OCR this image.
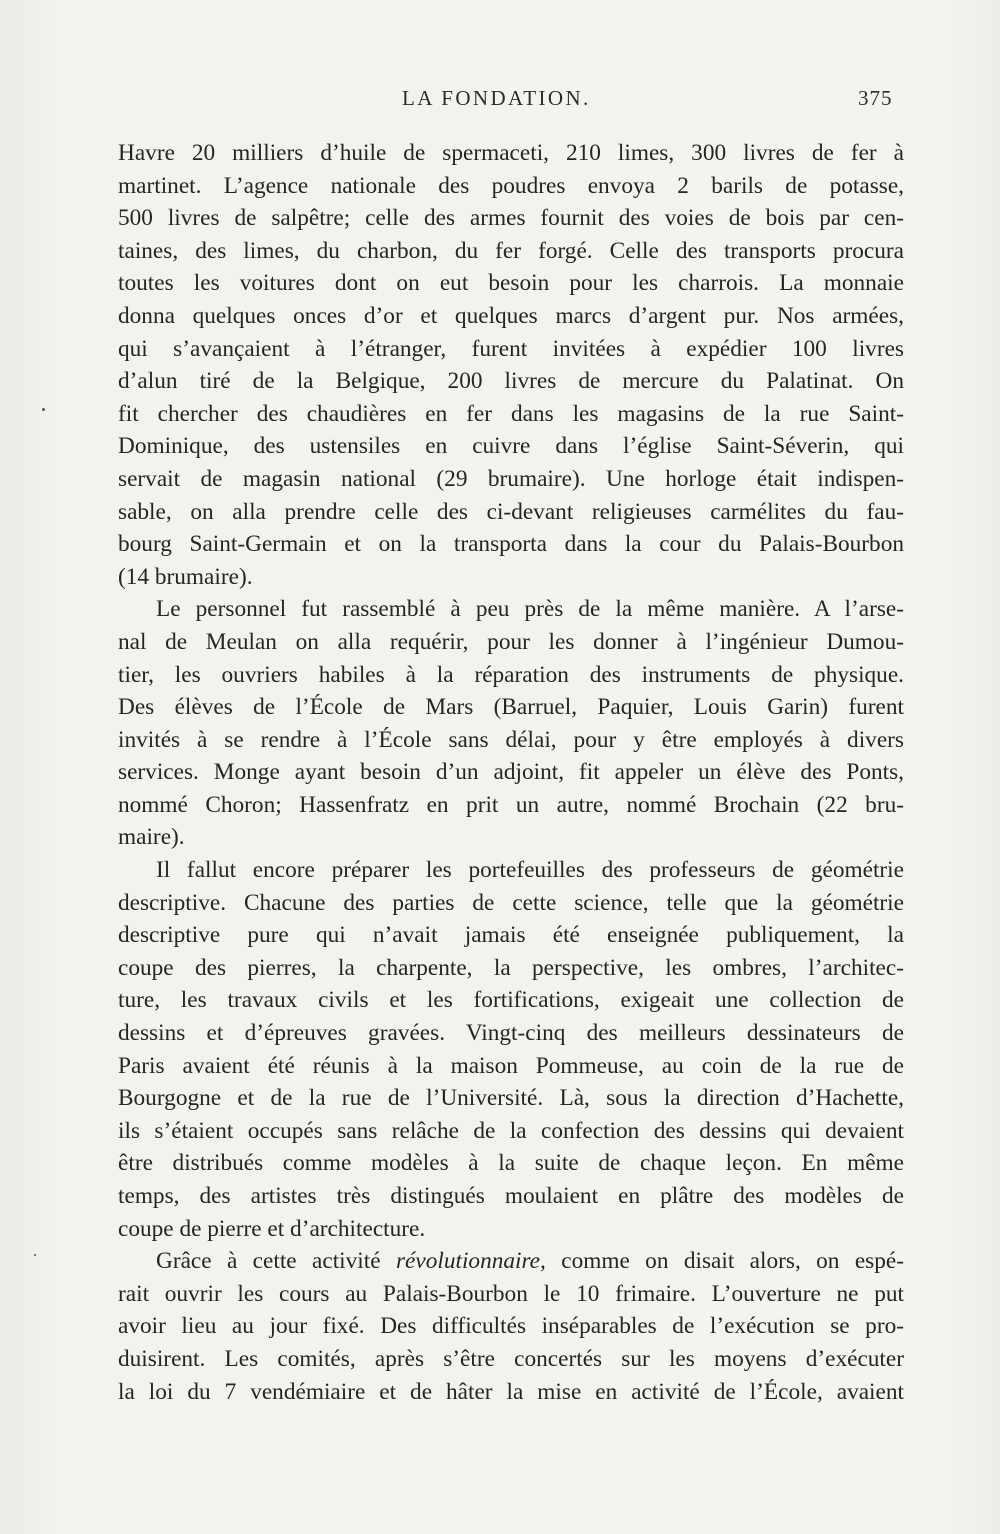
LA FONDATION.	375
Havre 20 milliers d’huile de spermaceti, 210 limes, 300 livres de fer à
martinet. L’agence nationale des poudres envoya 2 barils de potasse,
500 livres de salpêtre; celle des armes fournit des voies de bois par cen-
taines, des limes, du charbon, du fer forgé. Celle des transports procura
toutes les voitures dont on eut besoin pour les charrois. La monnaie
donna quelques onces d’or et quelques marcs d’argent pur. Nos armées,
qui s’avançaient à l’étranger, furent invitées à expédier 100 livres
d’alun tiré de la Belgique, 200 livres de mercure du Palatinat. On
fit chercher des chaudières en fer dans les magasins de la rue Saint-
Dominique, des ustensiles en cuivre dans l’église Saint-Séverin, qui
servait de magasin national (29 brumaire). Une horloge était indispen-
sable, on alla prendre celle des ci-devant religieuses carmélites du fau-
bourg Saint-Germain et on la transporta dans la cour du Palais-Bourbon
(14 brumaire).
Le personnel fut rassemblé à peu près de la même manière. A l’arse-
nal de Meulan on alla requérir, pour les donner à l’ingénieur Dumou-
tier, les ouvriers habiles à la réparation des instruments de physique.
Des élèves de l’École de Mars (Barruel, Paquier, Louis Garin) furent
invités à se rendre à l’École sans délai, pour y être employés à divers
services. Monge ayant besoin d’un adjoint, fit appeler un élève des Ponts,
nommé Choron; Hassenfratz en prit un autre, nommé Brochain (22 bru-
maire).
Il fallut encore préparer les portefeuilles des professeurs de géométrie
descriptive. Chacune des parties de cette science, telle que la géométrie
descriptive pure qui n’avait jamais été enseignée publiquement, la
coupe des pierres, la charpente, la perspective, les ombres, l’architec-
ture, les travaux civils et les fortifications, exigeait une collection de
dessins et d’épreuves gravées. Vingt-cinq des meilleurs dessinateurs de
Paris avaient été réunis à la maison Pommeuse, au coin de la rue de
Bourgogne et de la rue de l’Université. Là, sous la direction d’Hachette,
ils s’étaient occupés sans relâche de la confection des dessins qui devaient
être distribués comme modèles à la suite de chaque leçon. En même
temps, des artistes très distingués moulaient en plâtre des modèles de
coupe de pierre et d’architecture.
Grâce à cette activité révolutionnaire, comme on disait alors, on espé-
rait ouvrir les cours au Palais-Bourbon le 10 frimaire. L’ouverture ne put
avoir lieu au jour fixé. Des difficultés inséparables de l’exécution se pro-
duisirent. Les comités, après s’être concertés sur les moyens d’exécuter
la loi du 7 vendémiaire et de hâter la mise en activité de l’École, avaient
